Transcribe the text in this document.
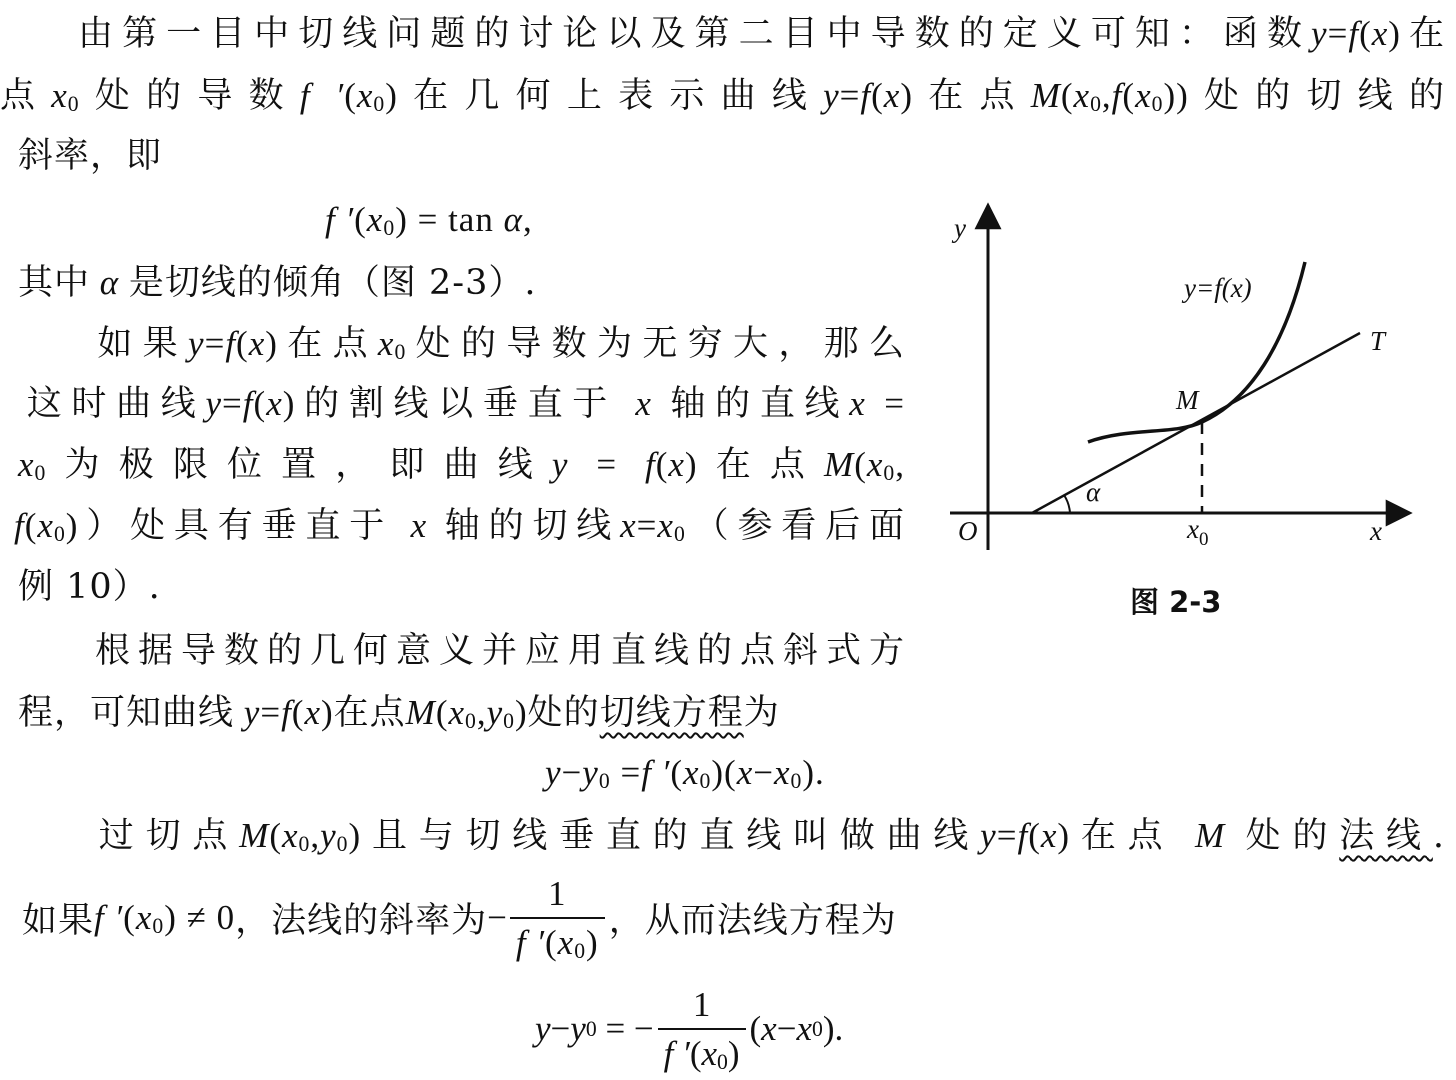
由第一目中切线问题的讨论以及第二目中导数的定义可知：函数y=f(x)在
点$x_0$处的导数f $'(x_0)$在几何上表示曲线y=f(x)在点$M(x_0,f(x_0))$处的切线的
斜率，即
f $'(x_0) = \tan \alpha$,
其中 α 是切线的倾角（图 2-3）.
如果y=f(x)在点$x_0$处的导数为无穷大，那么
这时曲线y=f(x)的割线以垂直于 x 轴的直线x =
$x_0$为极限位置，即曲线y = f(x)在点$M(x_0$,
$f(x_0)$）处具有垂直于 x 轴的切线$x=x_0$（参看后面
例 10）.
根据导数的几何意义并应用直线的点斜式方
程，可知曲线 y=f(x)在点$M(x_0,y_0)$处的切线方程为
$y-y_0 =f$ $'(x_0)(x-x_0)$.
过切点$M(x_0,y_0)$且与切线垂直的直线叫做曲线y=f(x)在点 M 处的法线.
如果 f $'(x_0) \ne 0$ ，法线的斜率为 − $\frac{1}{f '(x_0)}$ ，从而法线方程为
y − y 0 = − $\frac{1}{f '(x_0)}$ ( x − x 0 ).
y
x
O
y=f(x)
T
M
α
$x_0$
图 2-3
